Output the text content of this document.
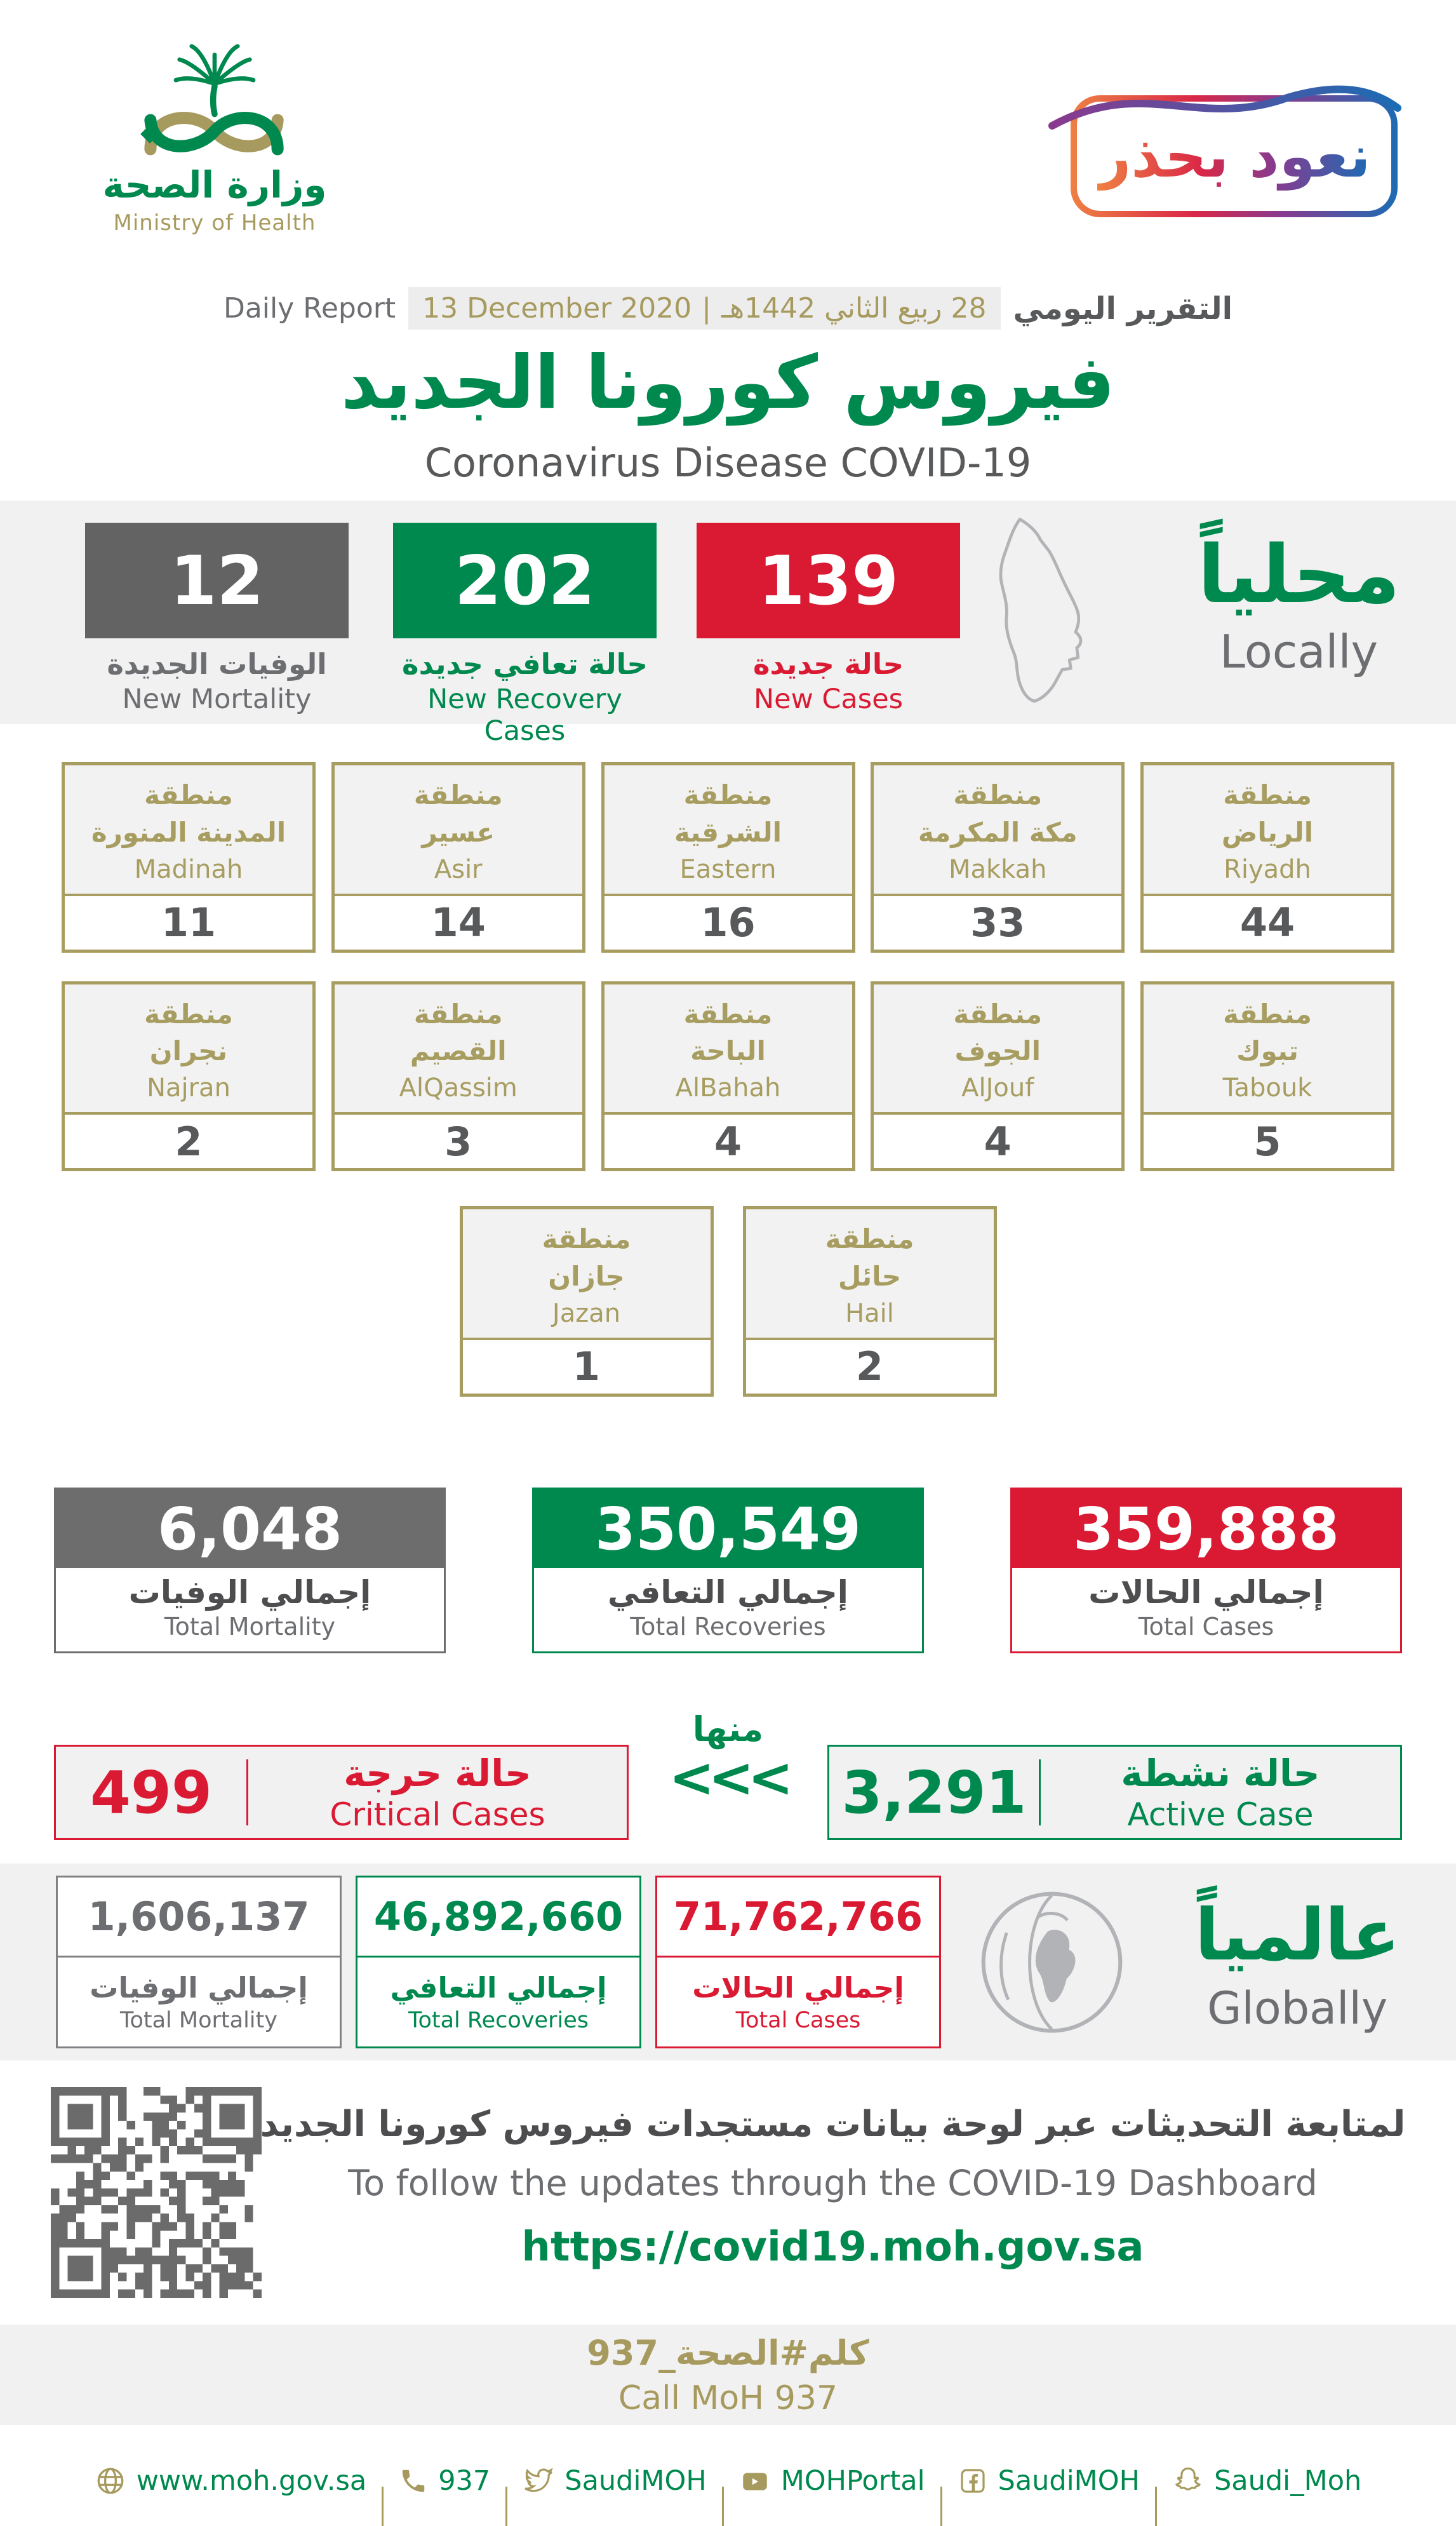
وزارة الصحة
Ministry of Health
نعود بحذر
Daily Report 13 December 2020 | 28 ربيع الثاني 1442هـ التقرير اليومي
فيروس كورونا الجديد
Coronavirus Disease COVID-19
12
الوفيات الجديدة
New Mortality
202
حالة تعافي جديدة
New Recovery Cases
139
حالة جديدة
New Cases
محلياً
Locally
منطقة
المدينة المنورة
Madinah
11
منطقة
عسير
Asir
14
منطقة
الشرقية
Eastern
16
منطقة
مكة المكرمة
Makkah
33
منطقة
الرياض
Riyadh
44
منطقة
نجران
Najran
2
منطقة
القصيم
AlQassim
3
منطقة
الباحة
AlBahah
4
منطقة
الجوف
AlJouf
4
منطقة
تبوك
Tabouk
5
منطقة
جازان
Jazan
1
منطقة
حائل
Hail
2
6,048
إجمالي الوفيات
Total Mortality
350,549
إجمالي التعافي
Total Recoveries
359,888
إجمالي الحالات
Total Cases
499	حالة حرجة
Critical Cases
منها
<<< 3,291	حالة نشطة
Active Case
1,606,137
إجمالي الوفيات
Total Mortality
46,892,660
إجمالي التعافي
Total Recoveries
71,762,766
إجمالي الحالات
Total Cases
عالمياً
Globally
لمتابعة التحديثات عبر لوحة بيانات مستجدات فيروس كورونا الجديد
To follow the updates through the COVID-19 Dashboard
https://covid19.moh.gov.sa
كلم#الصحة_937
Call MoH 937
www.moh.gov.sa	937	SaudiMOH	MOHPortal	SaudiMOH	Saudi_Moh
